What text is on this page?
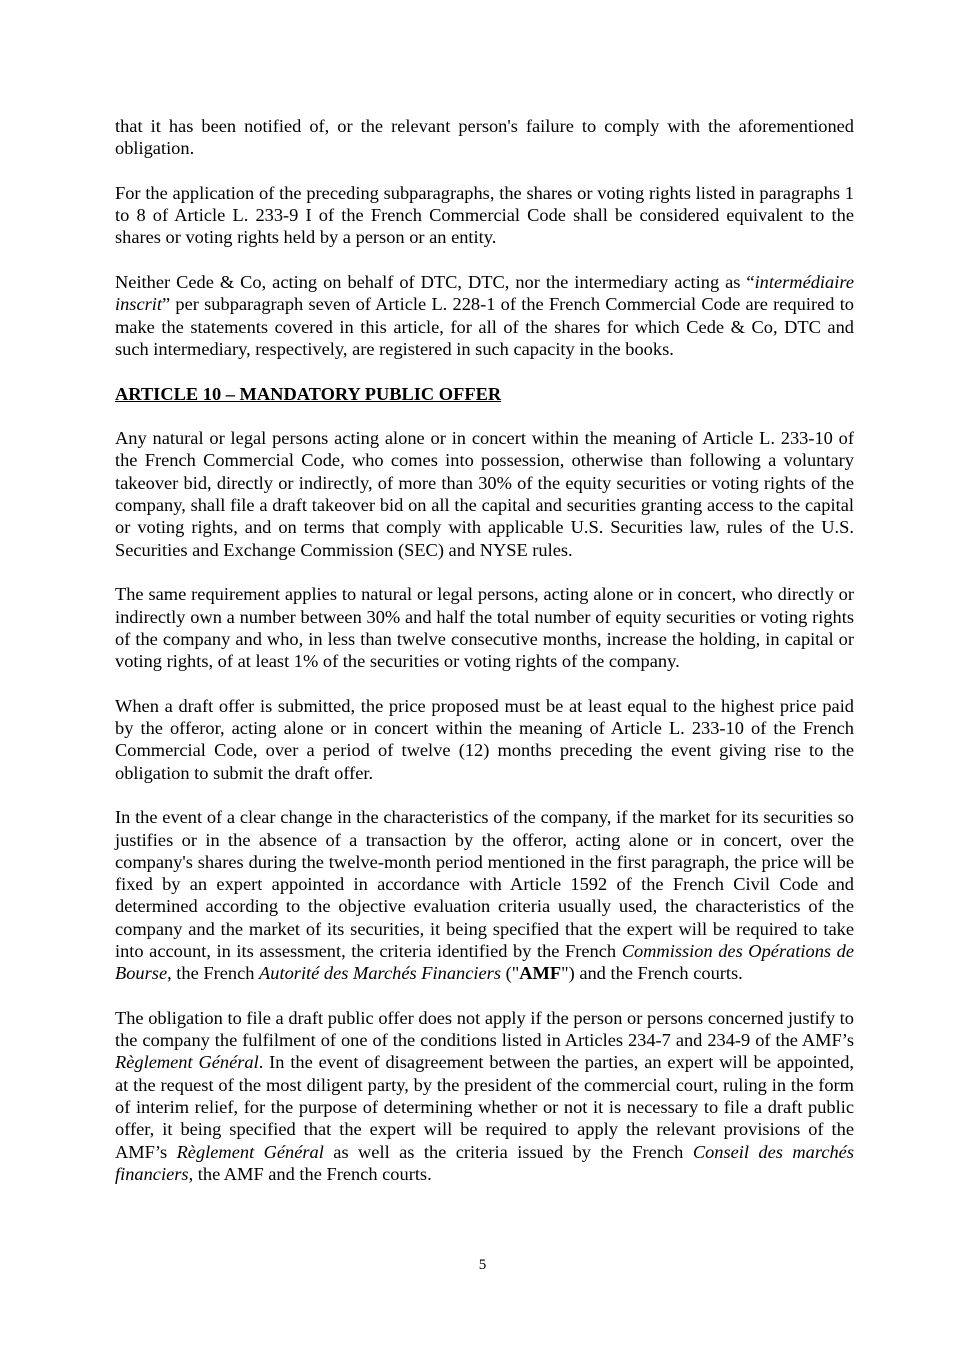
that it has been notified of, or the relevant person's failure to comply with the aforementioned obligation.

For the application of the preceding subparagraphs, the shares or voting rights listed in paragraphs 1 to 8 of Article L. 233-9 I of the French Commercial Code shall be considered equivalent to the shares or voting rights held by a person or an entity.

Neither Cede & Co, acting on behalf of DTC, DTC, nor the intermediary acting as “intermédiaire inscrit” per subparagraph seven of Article L. 228-1 of the French Commercial Code are required to make the statements covered in this article, for all of the shares for which Cede & Co, DTC and such intermediary, respectively, are registered in such capacity in the books.

ARTICLE 10 – MANDATORY PUBLIC OFFER

Any natural or legal persons acting alone or in concert within the meaning of Article L. 233-10 of the French Commercial Code, who comes into possession, otherwise than following a voluntary takeover bid, directly or indirectly, of more than 30% of the equity securities or voting rights of the company, shall file a draft takeover bid on all the capital and securities granting access to the capital or voting rights, and on terms that comply with applicable U.S. Securities law, rules of the U.S. Securities and Exchange Commission (SEC) and NYSE rules.

The same requirement applies to natural or legal persons, acting alone or in concert, who directly or indirectly own a number between 30% and half the total number of equity securities or voting rights of the company and who, in less than twelve consecutive months, increase the holding, in capital or voting rights, of at least 1% of the securities or voting rights of the company.

When a draft offer is submitted, the price proposed must be at least equal to the highest price paid by the offeror, acting alone or in concert within the meaning of Article L. 233-10 of the French Commercial Code, over a period of twelve (12) months preceding the event giving rise to the obligation to submit the draft offer.

In the event of a clear change in the characteristics of the company, if the market for its securities so justifies or in the absence of a transaction by the offeror, acting alone or in concert, over the company's shares during the twelve-month period mentioned in the first paragraph, the price will be fixed by an expert appointed in accordance with Article 1592 of the French Civil Code and determined according to the objective evaluation criteria usually used, the characteristics of the company and the market of its securities, it being specified that the expert will be required to take into account, in its assessment, the criteria identified by the French Commission des Opérations de Bourse, the French Autorité des Marchés Financiers ("AMF") and the French courts.

The obligation to file a draft public offer does not apply if the person or persons concerned justify to the company the fulfilment of one of the conditions listed in Articles 234-7 and 234-9 of the AMF’s Règlement Général. In the event of disagreement between the parties, an expert will be appointed, at the request of the most diligent party, by the president of the commercial court, ruling in the form of interim relief, for the purpose of determining whether or not it is necessary to file a draft public offer, it being specified that the expert will be required to apply the relevant provisions of the AMF’s Règlement Général as well as the criteria issued by the French Conseil des marchés financiers, the AMF and the French courts.

5
